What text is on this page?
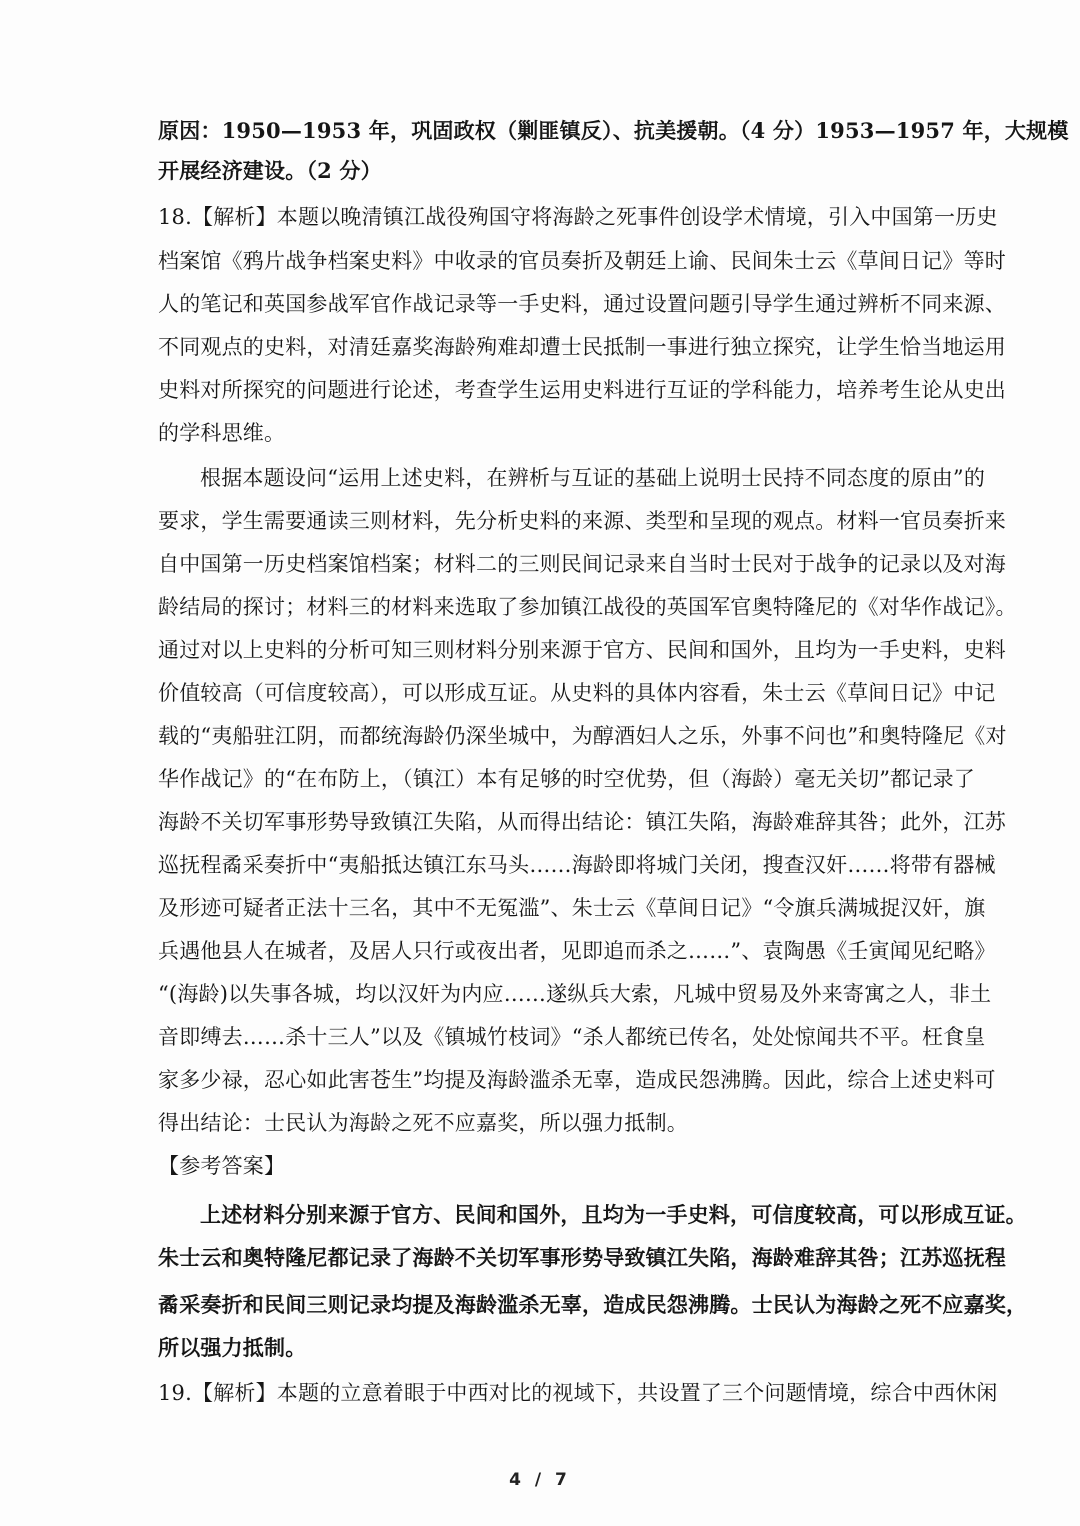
原因：1950—1953 年，巩固政权（剿匪镇反）、抗美援朝。（4 分）1953—1957 年，大规模
开展经济建设。（2 分）
18.【解析】本题以晚清镇江战役殉国守将海龄之死事件创设学术情境，引入中国第一历史
档案馆《鸦片战争档案史料》中收录的官员奏折及朝廷上谕、民间朱士云《草间日记》等时
人的笔记和英国参战军官作战记录等一手史料，通过设置问题引导学生通过辨析不同来源、
不同观点的史料，对清廷嘉奖海龄殉难却遭士民抵制一事进行独立探究，让学生恰当地运用
史料对所探究的问题进行论述，考查学生运用史料进行互证的学科能力，培养考生论从史出
的学科思维。
根据本题设问“运用上述史料，在辨析与互证的基础上说明士民持不同态度的原由”的
要求，学生需要通读三则材料，先分析史料的来源、类型和呈现的观点。材料一官员奏折来
自中国第一历史档案馆档案；材料二的三则民间记录来自当时士民对于战争的记录以及对海
龄结局的探讨；材料三的材料来选取了参加镇江战役的英国军官奥特隆尼的《对华作战记》。
通过对以上史料的分析可知三则材料分别来源于官方、民间和国外，且均为一手史料，史料
价值较高（可信度较高），可以形成互证。从史料的具体内容看，朱士云《草间日记》中记
载的“夷船驻江阴，而都统海龄仍深坐城中，为醇酒妇人之乐，外事不问也”和奥特隆尼《对
华作战记》的“在布防上，（镇江）本有足够的时空优势，但（海龄）毫无关切”都记录了
海龄不关切军事形势导致镇江失陷，从而得出结论：镇江失陷，海龄难辞其咎；此外，江苏
巡抚程矞采奏折中“夷船抵达镇江东马头……海龄即将城门关闭，搜查汉奸……将带有器械
及形迹可疑者正法十三名，其中不无冤滥”、朱士云《草间日记》“令旗兵满城捉汉奸，旗
兵遇他县人在城者，及居人只行或夜出者，见即追而杀之……”、袁陶愚《壬寅闻见纪略》
“(海龄)以失事各城，均以汉奸为内应……遂纵兵大索，凡城中贸易及外来寄寓之人，非土
音即缚去……杀十三人”以及《镇城竹枝词》“杀人都统已传名，处处惊闻共不平。枉食皇
家多少禄，忍心如此害苍生”均提及海龄滥杀无辜，造成民怨沸腾。因此，综合上述史料可
得出结论：士民认为海龄之死不应嘉奖，所以强力抵制。
【参考答案】
上述材料分别来源于官方、民间和国外，且均为一手史料，可信度较高，可以形成互证。
朱士云和奥特隆尼都记录了海龄不关切军事形势导致镇江失陷，海龄难辞其咎；江苏巡抚程
矞采奏折和民间三则记录均提及海龄滥杀无辜，造成民怨沸腾。士民认为海龄之死不应嘉奖，
所以强力抵制。
19.【解析】本题的立意着眼于中西对比的视域下，共设置了三个问题情境，综合中西休闲
4 / 7
